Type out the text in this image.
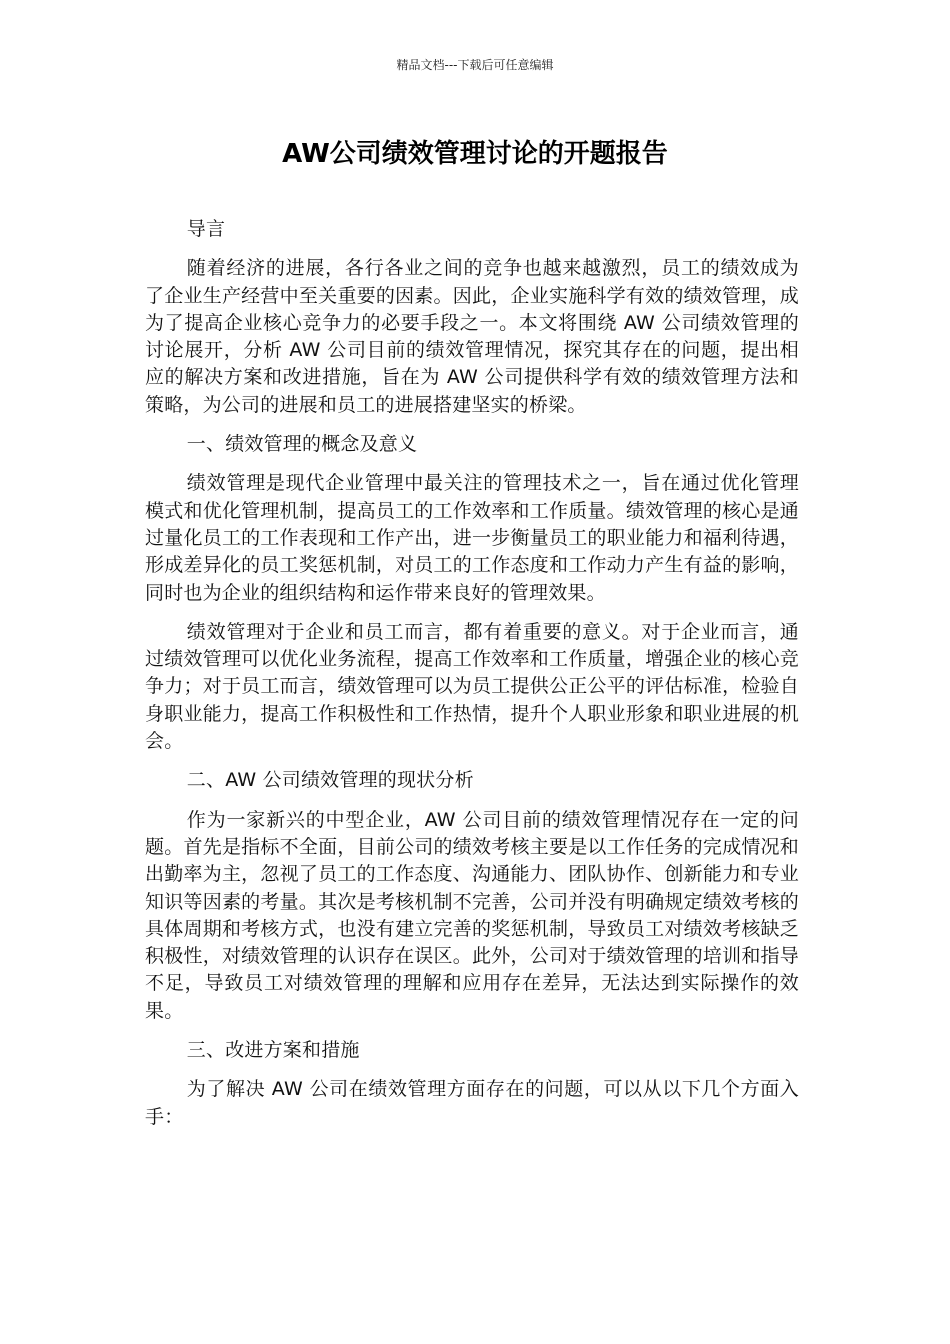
精品文档---下载后可任意编辑
AW公司绩效管理讨论的开题报告

导言

随着经济的进展，各行各业之间的竞争也越来越激烈，员工的绩效成为了企业生产经营中至关重要的因素。因此，企业实施科学有效的绩效管理，成为了提高企业核心竞争力的必要手段之一。本文将围绕 AW 公司绩效管理的讨论展开，分析 AW 公司目前的绩效管理情况，探究其存在的问题，提出相应的解决方案和改进措施，旨在为 AW 公司提供科学有效的绩效管理方法和策略，为公司的进展和员工的进展搭建坚实的桥梁。

一、绩效管理的概念及意义

绩效管理是现代企业管理中最关注的管理技术之一，旨在通过优化管理模式和优化管理机制，提高员工的工作效率和工作质量。绩效管理的核心是通过量化员工的工作表现和工作产出，进一步衡量员工的职业能力和福利待遇，形成差异化的员工奖惩机制，对员工的工作态度和工作动力产生有益的影响，同时也为企业的组织结构和运作带来良好的管理效果。

绩效管理对于企业和员工而言，都有着重要的意义。对于企业而言，通过绩效管理可以优化业务流程，提高工作效率和工作质量，增强企业的核心竞争力；对于员工而言，绩效管理可以为员工提供公正公平的评估标准，检验自身职业能力，提高工作积极性和工作热情，提升个人职业形象和职业进展的机会。

二、AW 公司绩效管理的现状分析

作为一家新兴的中型企业，AW 公司目前的绩效管理情况存在一定的问题。首先是指标不全面，目前公司的绩效考核主要是以工作任务的完成情况和出勤率为主，忽视了员工的工作态度、沟通能力、团队协作、创新能力和专业知识等因素的考量。其次是考核机制不完善，公司并没有明确规定绩效考核的具体周期和考核方式，也没有建立完善的奖惩机制，导致员工对绩效考核缺乏积极性，对绩效管理的认识存在误区。此外，公司对于绩效管理的培训和指导不足，导致员工对绩效管理的理解和应用存在差异，无法达到实际操作的效果。

三、改进方案和措施

为了解决 AW 公司在绩效管理方面存在的问题，可以从以下几个方面入手：
